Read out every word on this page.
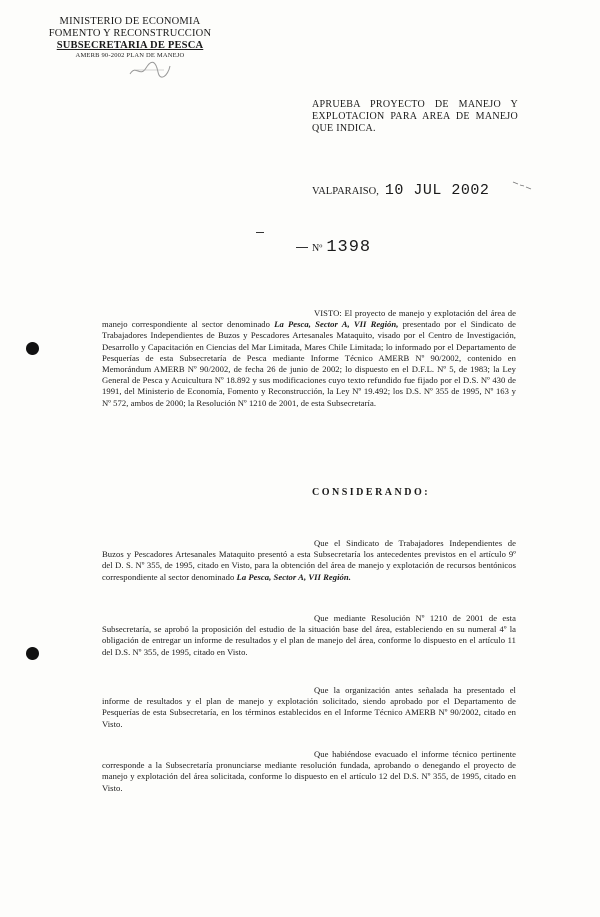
MINISTERIO DE ECONOMIA
FOMENTO Y RECONSTRUCCION
SUBSECRETARIA DE PESCA
AMERB 90-2002 PLAN DE MANEJO
APRUEBA PROYECTO DE MANEJO Y EXPLOTACION PARA AREA DE MANEJO QUE INDICA.
VALPARAISO, 10 JUL 2002
Nº 1398
VISTO: El proyecto de manejo y explotación del área de manejo correspondiente al sector denominado La Pesca, Sector A, VII Región, presentado por el Sindicato de Trabajadores Independientes de Buzos y Pescadores Artesanales Mataquito, visado por el Centro de Investigación, Desarrollo y Capacitación en Ciencias del Mar Limitada, Mares Chile Limitada; lo informado por el Departamento de Pesquerías de esta Subsecretaría de Pesca mediante Informe Técnico AMERB Nº 90/2002, contenido en Memorándum AMERB Nº 90/2002, de fecha 26 de junio de 2002; lo dispuesto en el D.F.L. Nº 5, de 1983; la Ley General de Pesca y Acuicultura Nº 18.892 y sus modificaciones cuyo texto refundido fue fijado por el D.S. Nº 430 de 1991, del Ministerio de Economía, Fomento y Reconstrucción, la Ley Nº 19.492; los D.S. Nº 355 de 1995, Nº 163 y Nº 572, ambos de 2000; la Resolución Nº 1210 de 2001, de esta Subsecretaría.
CONSIDERANDO:
Que el Sindicato de Trabajadores Independientes de Buzos y Pescadores Artesanales Mataquito presentó a esta Subsecretaría los antecedentes previstos en el artículo 9º del D. S. Nº 355, de 1995, citado en Visto, para la obtención del área de manejo y explotación de recursos bentónicos correspondiente al sector denominado La Pesca, Sector A, VII Región.
Que mediante Resolución Nº 1210 de 2001 de esta Subsecretaría, se aprobó la proposición del estudio de la situación base del área, estableciendo en su numeral 4º la obligación de entregar un informe de resultados y el plan de manejo del área, conforme lo dispuesto en el artículo 11 del D.S. Nº 355, de 1995, citado en Visto.
Que la organización antes señalada ha presentado el informe de resultados y el plan de manejo y explotación solicitado, siendo aprobado por el Departamento de Pesquerías de esta Subsecretaría, en los términos establecidos en el Informe Técnico AMERB Nº 90/2002, citado en Visto.
Que habiéndose evacuado el informe técnico pertinente corresponde a la Subsecretaría pronunciarse mediante resolución fundada, aprobando o denegando el proyecto de manejo y explotación del área solicitada, conforme lo dispuesto en el artículo 12 del D.S. Nº 355, de 1995, citado en Visto.
